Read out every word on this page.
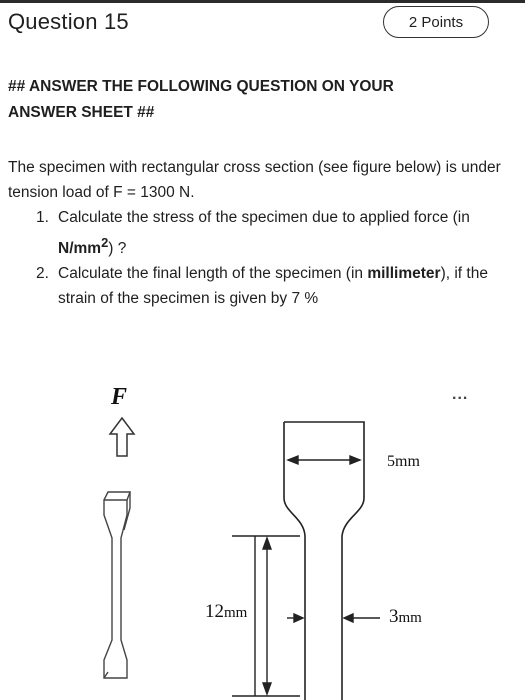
Question 15	2 Points
## ANSWER THE FOLLOWING QUESTION ON YOUR ANSWER SHEET ##
The specimen with rectangular cross section (see figure below) is under tension load of F = 1300 N.
1. Calculate the stress of the specimen due to applied force (in $N/mm^2$) ?
2. Calculate the final length of the specimen (in millimeter), if the strain of the specimen is given by 7 %
...
F
5mm
12mm	3mm
